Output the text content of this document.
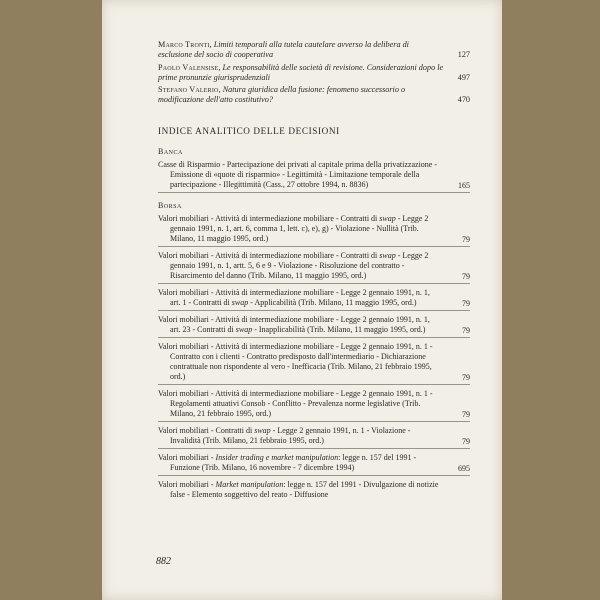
Marco Tronti, Limiti temporali alla tutela cautelare avverso la delibera di esclusione del socio di cooperativa	127
Paolo Valensise, Le responsabilità delle società di revisione. Considerazioni dopo le prime pronunzie giurisprudenziali	497
Stefano Valerio, Natura giuridica della fusione: fenomeno successorio o modificazione dell'atto costitutivo?	470
INDICE ANALITICO DELLE DECISIONI
Banca
Casse di Risparmio - Partecipazione dei privati al capitale prima della privatizzazione - Emissione di «quote di risparmio» - Legittimità - Limitazione temporale della partecipazione - Illegittimità (Cass., 27 ottobre 1994, n. 8836)	165
Borsa
Valori mobiliari - Attività di intermediazione mobiliare - Contratti di swap - Legge 2 gennaio 1991, n. 1, art. 6, comma 1, lett. c), e), g) - Violazione - Nullità (Trib. Milano, 11 maggio 1995, ord.)	79
Valori mobiliari - Attività di intermediazione mobiliare - Contratti di swap - Legge 2 gennaio 1991, n. 1, artt. 5, 6 e 9 - Violazione - Risoluzione del contratto - Risarcimento del danno (Trib. Milano, 11 maggio 1995, ord.)	79
Valori mobiliari - Attività di intermediazione mobiliare - Legge 2 gennaio 1991, n. 1, art. 1 - Contratti di swap - Applicabilità (Trib. Milano, 11 maggio 1995, ord.)	79
Valori mobiliari - Attività di intermediazione mobiliare - Legge 2 gennaio 1991, n. 1, art. 23 - Contratti di swap - Inapplicabilità (Trib. Milano, 11 maggio 1995, ord.)	79
Valori mobiliari - Attività di intermediazione mobiliare - Legge 2 gennaio 1991, n. 1 - Contratto con i clienti - Contratto predisposto dall'intermediario - Dichiarazione contrattuale non rispondente al vero - Inefficacia (Trib. Milano, 21 febbraio 1995, ord.)	79
Valori mobiliari - Attività di intermediazione mobiliare - Legge 2 gennaio 1991, n. 1 - Regolamenti attuativi Consob - Conflitto - Prevalenza norme legislative (Trib. Milano, 21 febbraio 1995, ord.)	79
Valori mobiliari - Contratti di swap - Legge 2 gennaio 1991, n. 1 - Violazione - Invalidità (Trib. Milano, 21 febbraio 1995, ord.)	79
Valori mobiliari - Insider trading e market manipulation: legge n. 157 del 1991 - Funzione (Trib. Milano, 16 novembre - 7 dicembre 1994)	695
Valori mobiliari - Market manipulation: legge n. 157 del 1991 - Divulgazione di notizie false - Elemento soggettivo del reato - Diffusione
882
